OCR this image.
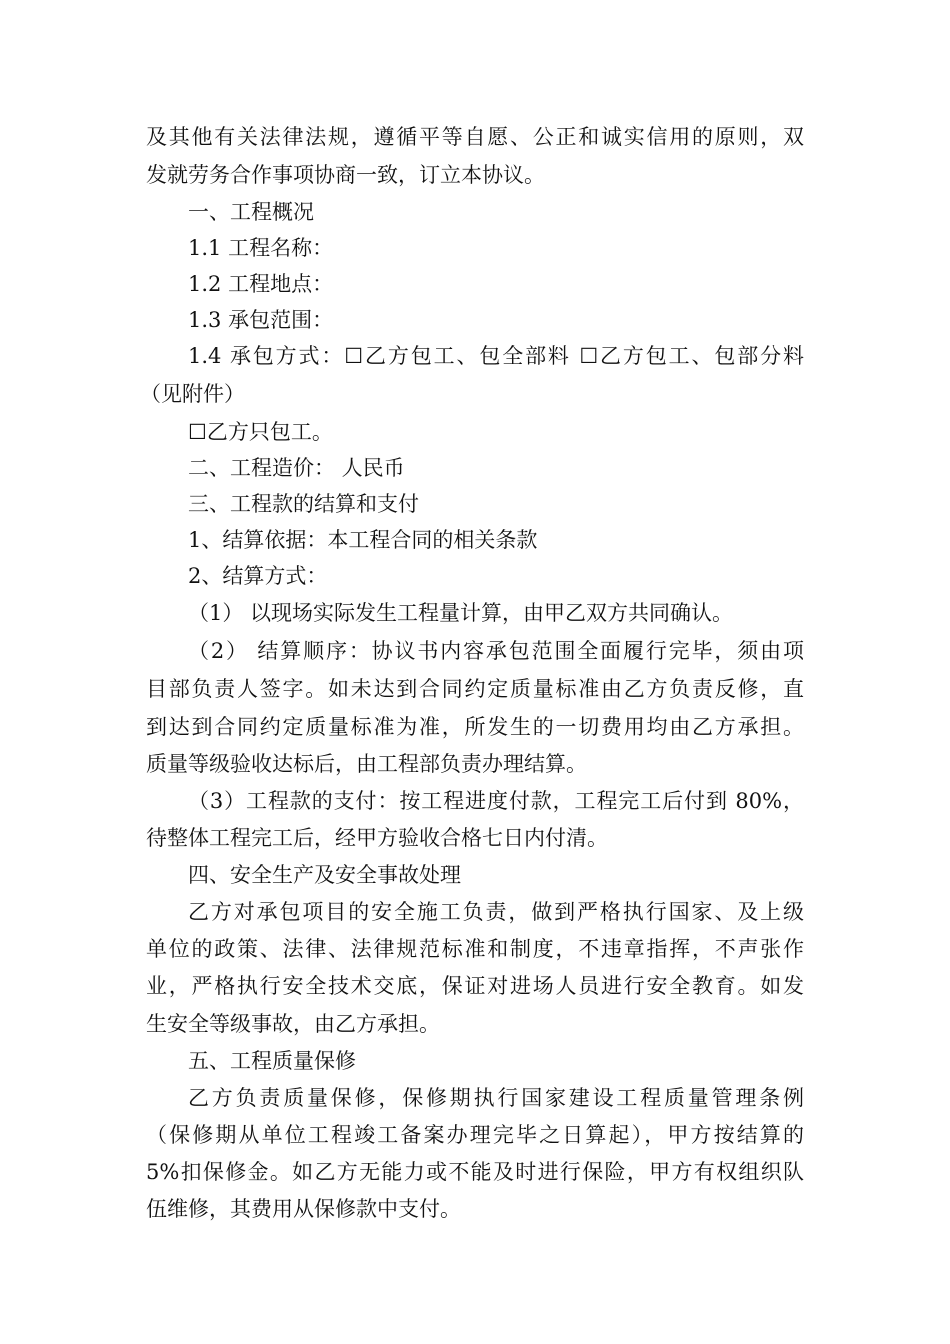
及其他有关法律法规，遵循平等自愿、公正和诚实信用的原则，双
发就劳务合作事项协商一致，订立本协议。
一、工程概况
1.1 工程名称：
1.2 工程地点：
1.3 承包范围：
1.4 承包方式：☐乙方包工、包全部料 ☐乙方包工、包部分料
（见附件）
☐乙方只包工。
二、工程造价： 人民币
三、工程款的结算和支付
1、结算依据：本工程合同的相关条款
2、结算方式：
（1） 以现场实际发生工程量计算，由甲乙双方共同确认。
（2） 结算顺序：协议书内容承包范围全面履行完毕，须由项
目部负责人签字。如未达到合同约定质量标准由乙方负责反修，直
到达到合同约定质量标准为准，所发生的一切费用均由乙方承担。
质量等级验收达标后，由工程部负责办理结算。
（3）工程款的支付：按工程进度付款，工程完工后付到 80%，
待整体工程完工后，经甲方验收合格七日内付清。
四、安全生产及安全事故处理
乙方对承包项目的安全施工负责，做到严格执行国家、及上级
单位的政策、法律、法律规范标准和制度，不违章指挥，不声张作
业，严格执行安全技术交底，保证对进场人员进行安全教育。如发
生安全等级事故，由乙方承担。
五、工程质量保修
乙方负责质量保修，保修期执行国家建设工程质量管理条例
（保修期从单位工程竣工备案办理完毕之日算起），甲方按结算的
5%扣保修金。如乙方无能力或不能及时进行保险，甲方有权组织队
伍维修，其费用从保修款中支付。
